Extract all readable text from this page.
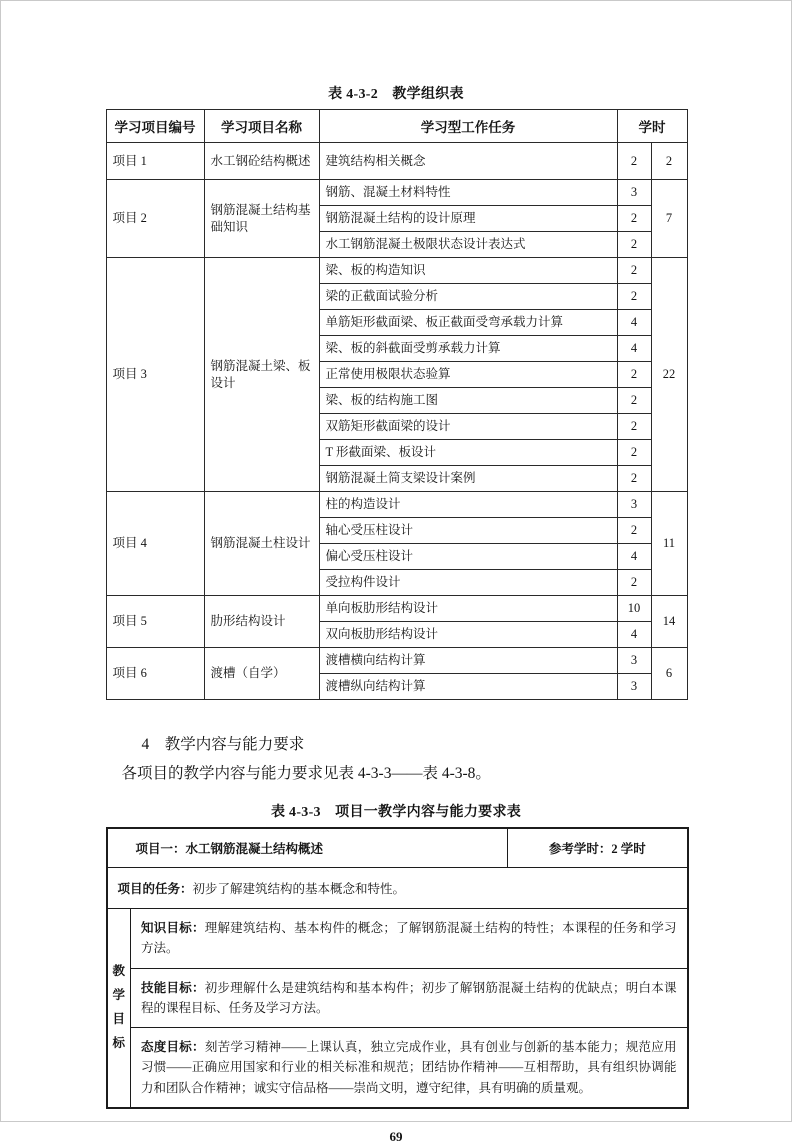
表 4-3-2　教学组织表
学习项目编号	学习项目名称	学习型工作任务	学时	
项目 1	水工钢砼结构概述	建筑结构相关概念	2	2
项目 2	钢筋混凝土结构基础知识	钢筋、混凝土材料特性	3	7
		钢筋混凝土结构的设计原理	2	
		水工钢筋混凝土极限状态设计表达式	2	
项目 3	钢筋混凝土梁、板设计	梁、板的构造知识	2	22
		梁的正截面试验分析	2	
		单筋矩形截面梁、板正截面受弯承载力计算	4	
		梁、板的斜截面受剪承载力计算	4	
		正常使用极限状态验算	2	
		梁、板的结构施工图	2	
		双筋矩形截面梁的设计	2	
		T 形截面梁、板设计	2	
		钢筋混凝土简支梁设计案例	2	
项目 4	钢筋混凝土柱设计	柱的构造设计	3	11
		轴心受压柱设计	2	
		偏心受压柱设计	4	
		受拉构件设计	2	
项目 5	肋形结构设计	单向板肋形结构设计	10	14
		双向板肋形结构设计	4	
项目 6	渡槽（自学）	渡槽横向结构计算	3	6
		渡槽纵向结构计算	3	
4　教学内容与能力要求
各项目的教学内容与能力要求见表 4-3-3——表 4-3-8。
表 4-3-3　项目一教学内容与能力要求表
项目一：水工钢筋混凝土结构概述		参考学时：2 学时
项目的任务：初步了解建筑结构的基本概念和特性。		
教学目标	知识目标：理解建筑结构、基本构件的概念；了解钢筋混凝土结构的特性；本课程的任务和学习方法。	
	技能目标：初步理解什么是建筑结构和基本构件；初步了解钢筋混凝土结构的优缺点；明白本课程的课程目标、任务及学习方法。	
	态度目标：刻苦学习精神——上课认真，独立完成作业，具有创业与创新的基本能力；规范应用习惯——正确应用国家和行业的相关标准和规范；团结协作精神——互相帮助，具有组织协调能力和团队合作精神；诚实守信品格——崇尚文明，遵守纪律，具有明确的质量观。	
69
